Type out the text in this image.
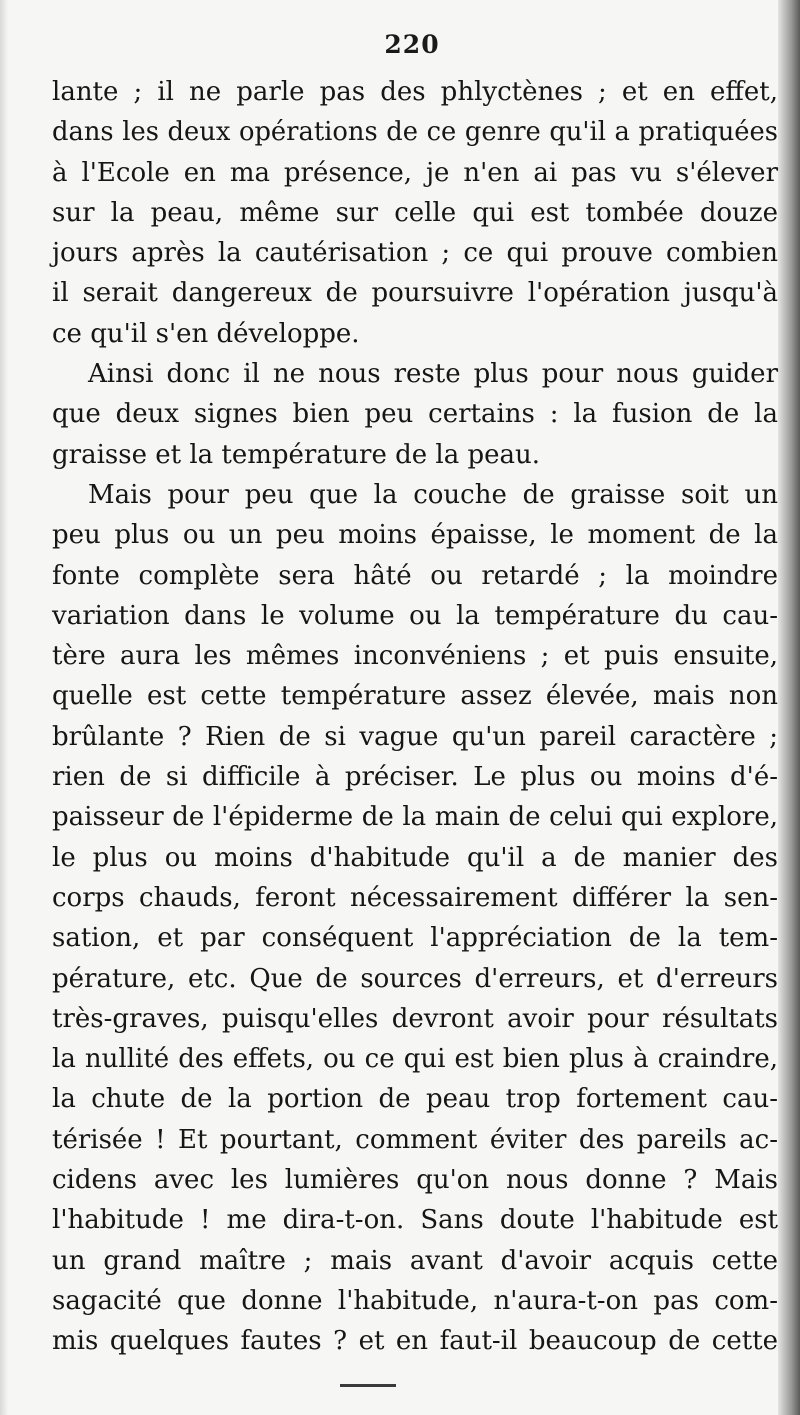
220
lante ; il ne parle pas des phlyctènes ; et en effet,
dans les deux opérations de ce genre qu'il a pratiquées
à l'Ecole en ma présence, je n'en ai pas vu s'élever
sur la peau, même sur celle qui est tombée douze
jours après la cautérisation ; ce qui prouve combien
il serait dangereux de poursuivre l'opération jusqu'à
ce qu'il s'en développe.
Ainsi donc il ne nous reste plus pour nous guider
que deux signes bien peu certains : la fusion de la
graisse et la température de la peau.
Mais pour peu que la couche de graisse soit un
peu plus ou un peu moins épaisse, le moment de la
fonte complète sera hâté ou retardé ; la moindre
variation dans le volume ou la température du cau-
tère aura les mêmes inconvéniens ; et puis ensuite,
quelle est cette température assez élevée, mais non
brûlante ? Rien de si vague qu'un pareil caractère ;
rien de si difficile à préciser. Le plus ou moins d'é-
paisseur de l'épiderme de la main de celui qui explore,
le plus ou moins d'habitude qu'il a de manier des
corps chauds, feront nécessairement différer la sen-
sation, et par conséquent l'appréciation de la tem-
pérature, etc. Que de sources d'erreurs, et d'erreurs
très-graves, puisqu'elles devront avoir pour résultats
la nullité des effets, ou ce qui est bien plus à craindre,
la chute de la portion de peau trop fortement cau-
térisée ! Et pourtant, comment éviter des pareils ac-
cidens avec les lumières qu'on nous donne ? Mais
l'habitude ! me dira-t-on. Sans doute l'habitude est
un grand maître ; mais avant d'avoir acquis cette
sagacité que donne l'habitude, n'aura-t-on pas com-
mis quelques fautes ? et en faut-il beaucoup de cette
